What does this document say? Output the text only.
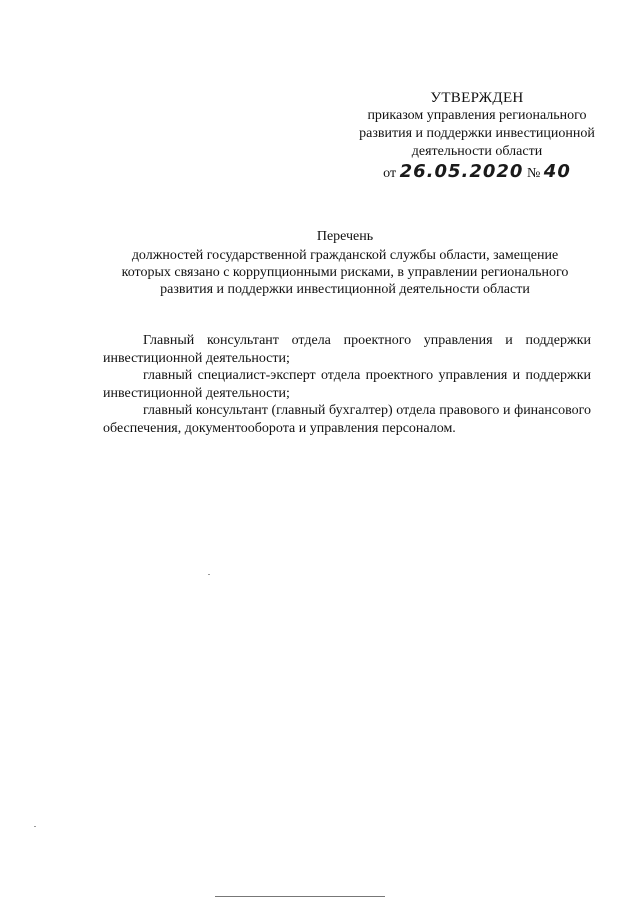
УТВЕРЖДЕН
приказом управления регионального
развития и поддержки инвестиционной
деятельности области
от 26.05.2020 № 40
Перечень
должностей государственной гражданской службы области, замещение
которых связано с коррупционными рисками, в управлении регионального
развития и поддержки инвестиционной деятельности области

Главный консультант отдела проектного управления и поддержки инвестиционной деятельности;

главный специалист-эксперт отдела проектного управления и поддержки инвестиционной деятельности;

главный консультант (главный бухгалтер) отдела правового и финансового обеспечения, документооборота и управления персоналом.
